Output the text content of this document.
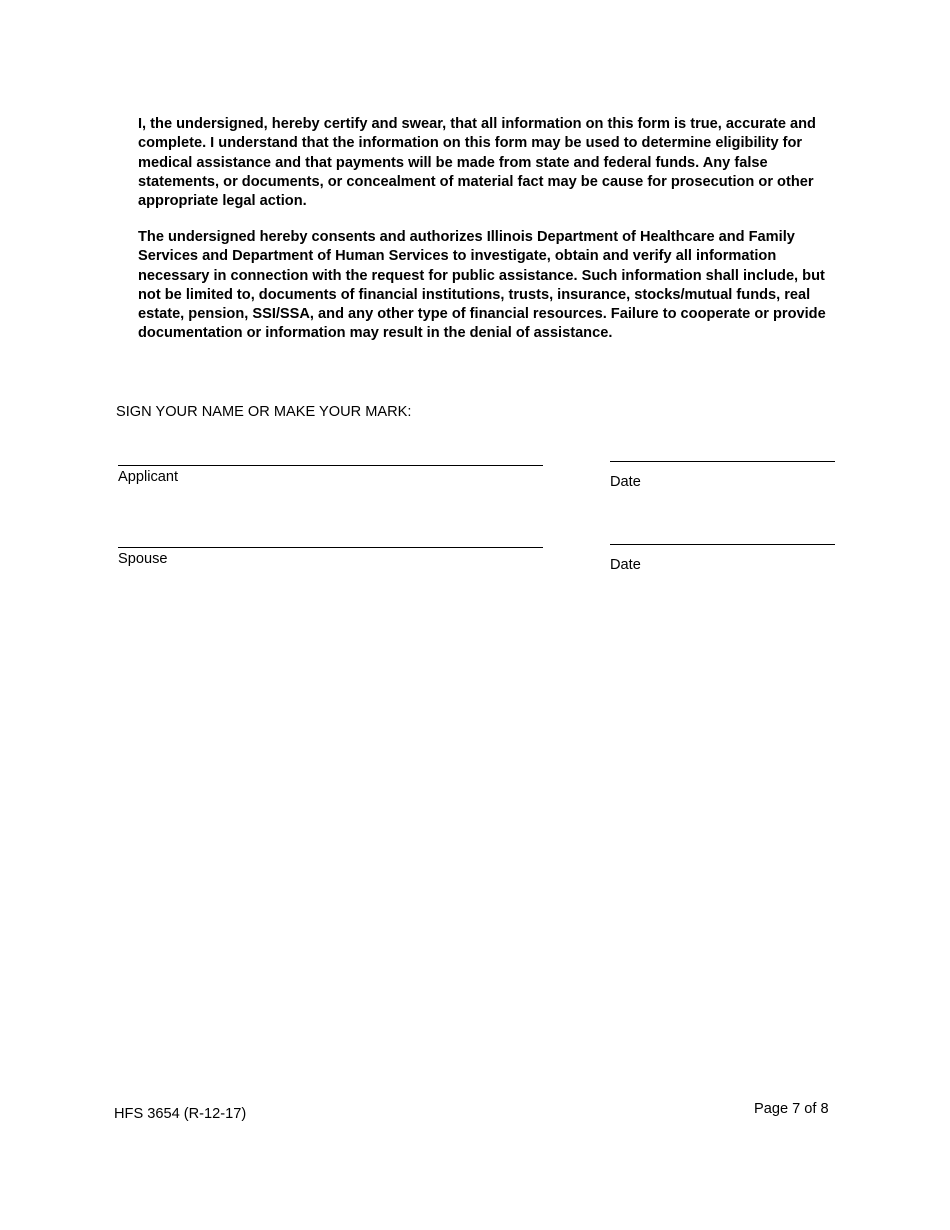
I, the undersigned, hereby certify and swear, that all information on this form is true, accurate and complete. I understand that the information on this form may be used to determine eligibility for medical assistance and that payments will be made from state and federal funds. Any false statements, or documents, or concealment of material fact may be cause for prosecution or other appropriate legal action.

The undersigned hereby consents and authorizes Illinois Department of Healthcare and Family Services and Department of Human Services to investigate, obtain and verify all information necessary in connection with the request for public assistance. Such information shall include, but not be limited to, documents of financial institutions, trusts, insurance, stocks/mutual funds, real estate, pension, SSI/SSA, and any other type of financial resources. Failure to cooperate or provide documentation or information may result in the denial of assistance.

SIGN YOUR NAME OR MAKE YOUR MARK:

Applicant	Date

Spouse	Date

HFS 3654 (R-12-17)	Page 7 of 8
